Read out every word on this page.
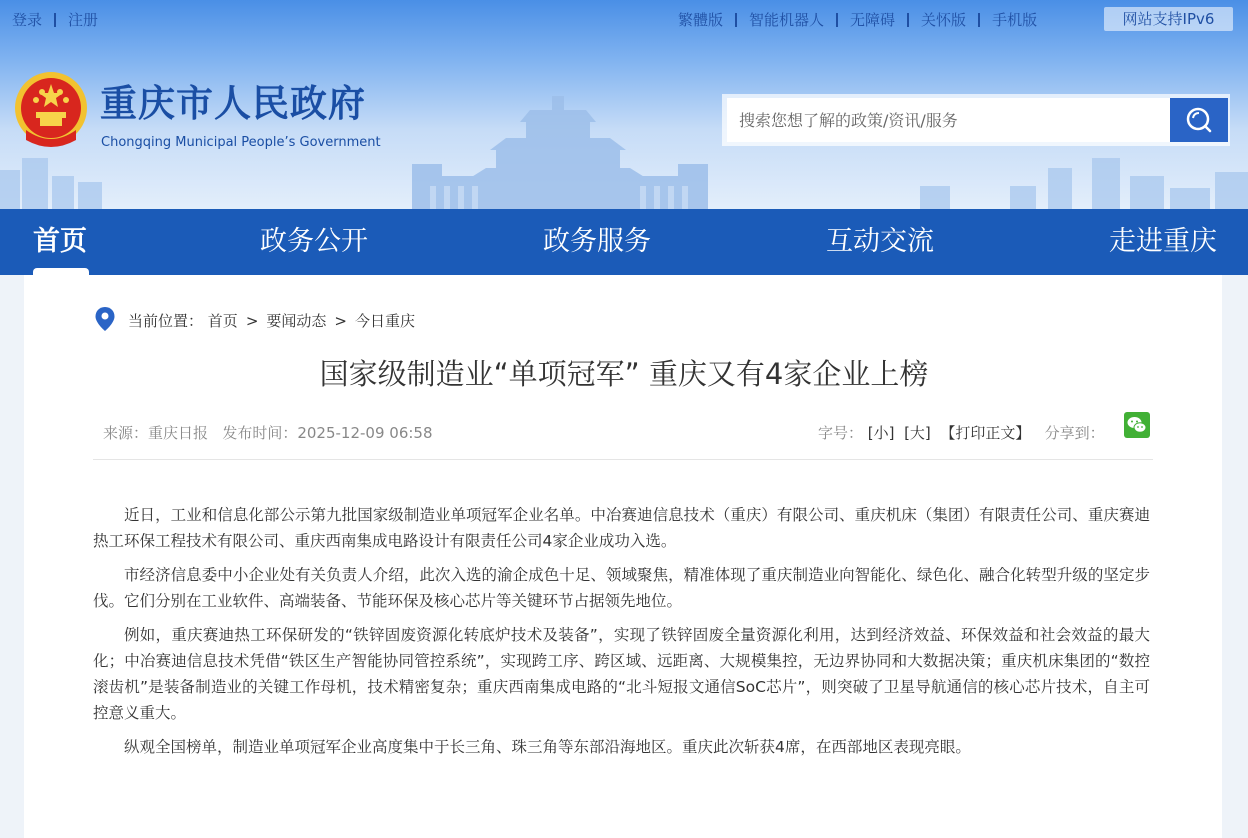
登录 注册	繁體版 智能机器人 无障碍 关怀版 手机版	网站支持IPv6
重庆市人民政府
Chongqing Municipal People’s Government
搜索您想了解的政策/资讯/服务
首页	政务公开	政务服务	互动交流	走进重庆
当前位置： 首页 > 要闻动态 > 今日重庆
国家级制造业“单项冠军” 重庆又有4家企业上榜
来源：重庆日报 发布时间：2025-12-09 06:58	字号： [小] [大] 【打印正文】 分享到：

近日，工业和信息化部公示第九批国家级制造业单项冠军企业名单。中冶赛迪信息技术（重庆）有限公司、重庆机床（集团）有限责任公司、重庆赛迪热工环保工程技术有限公司、重庆西南集成电路设计有限责任公司4家企业成功入选。

市经济信息委中小企业处有关负责人介绍，此次入选的渝企成色十足、领域聚焦，精准体现了重庆制造业向智能化、绿色化、融合化转型升级的坚定步伐。它们分别在工业软件、高端装备、节能环保及核心芯片等关键环节占据领先地位。

例如，重庆赛迪热工环保研发的“铁锌固废资源化转底炉技术及装备”，实现了铁锌固废全量资源化利用，达到经济效益、环保效益和社会效益的最大化；中冶赛迪信息技术凭借“铁区生产智能协同管控系统”，实现跨工序、跨区域、远距离、大规模集控，无边界协同和大数据决策；重庆机床集团的“数控滚齿机”是装备制造业的关键工作母机，技术精密复杂；重庆西南集成电路的“北斗短报文通信SoC芯片”，则突破了卫星导航通信的核心芯片技术，自主可控意义重大。

纵观全国榜单，制造业单项冠军企业高度集中于长三角、珠三角等东部沿海地区。重庆此次斩获4席，在西部地区表现亮眼。
